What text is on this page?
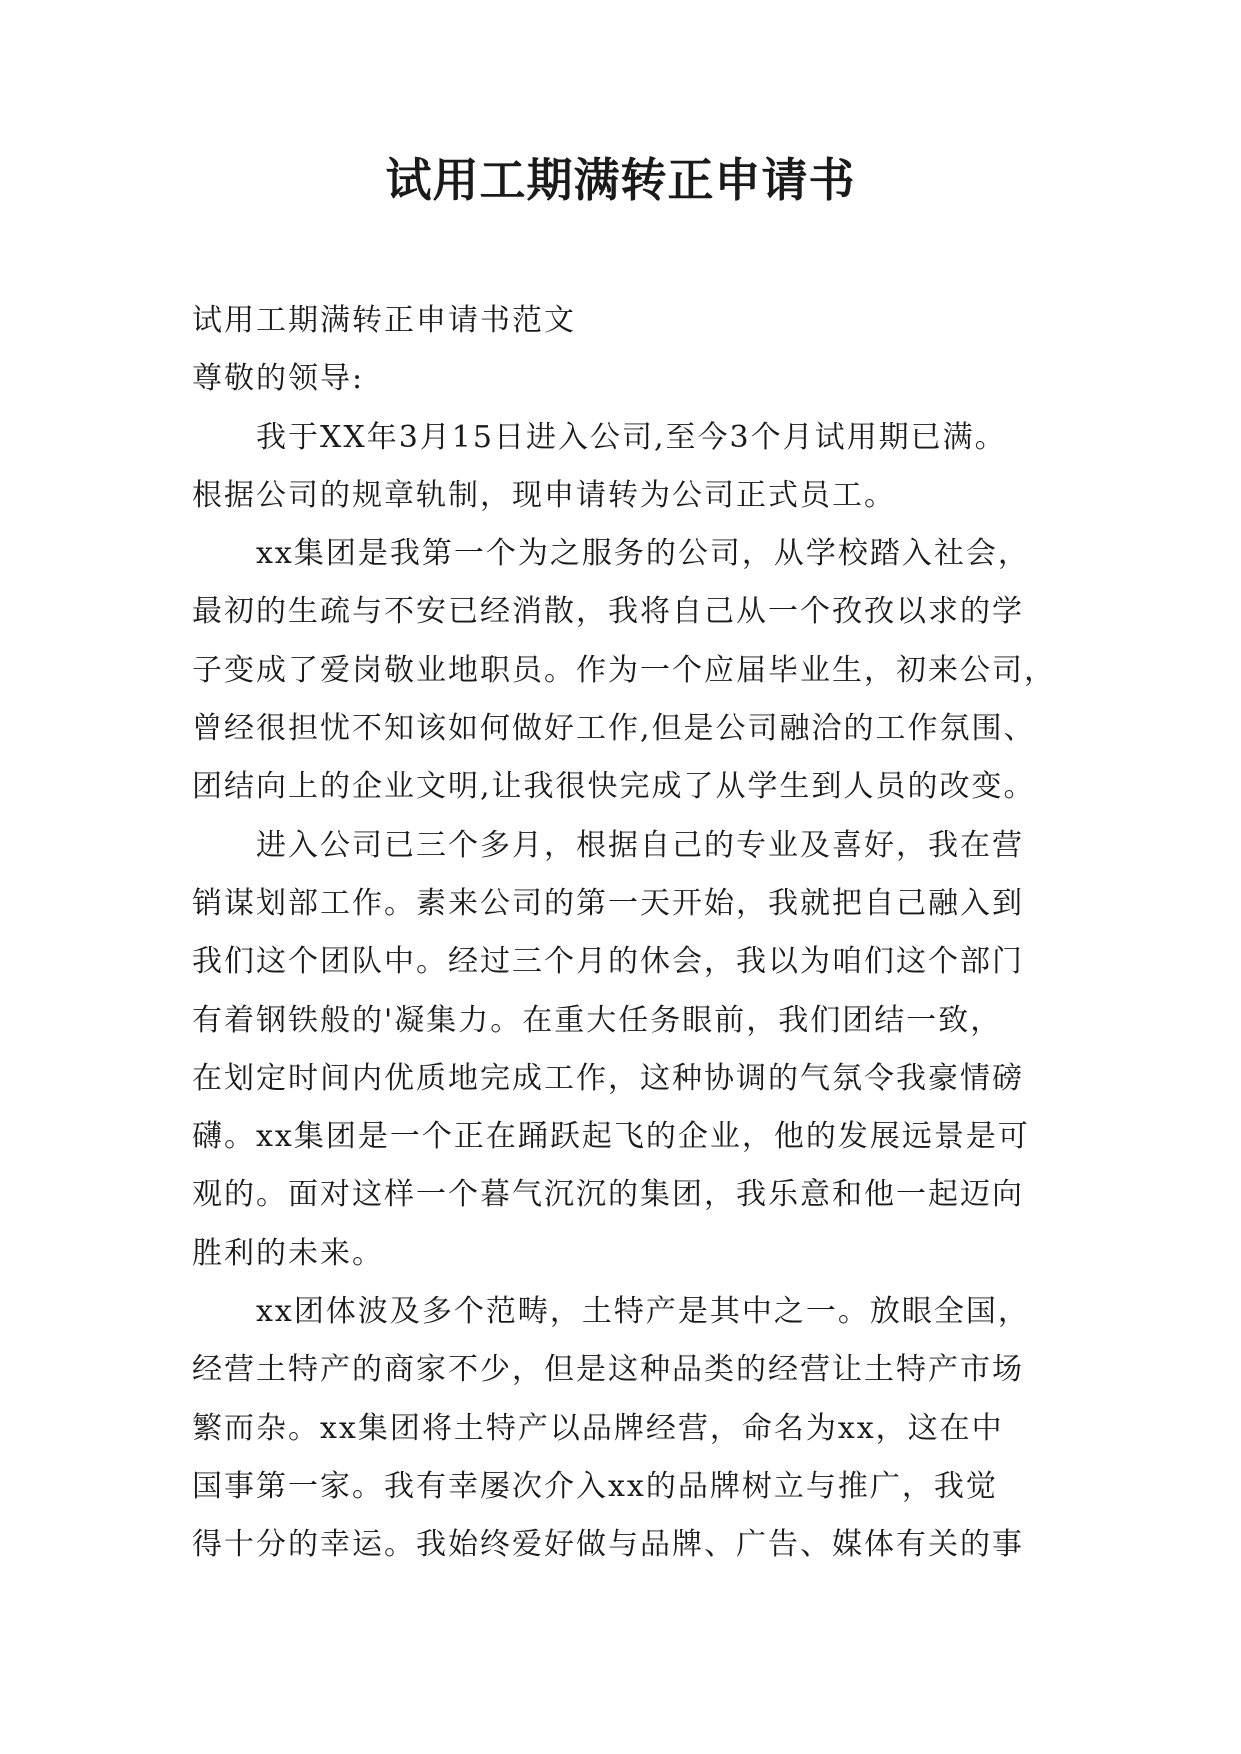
试用工期满转正申请书
试用工期满转正申请书范文
尊敬的领导:
我于XX年3月15日进入公司,至今3个月试用期已满。
根据公司的规章轨制，现申请转为公司正式员工。
xx集团是我第一个为之服务的公司，从学校踏入社会，
最初的生疏与不安已经消散，我将自己从一个孜孜以求的学
子变成了爱岗敬业地职员。作为一个应届毕业生，初来公司，
曾经很担忧不知该如何做好工作,但是公司融洽的工作氛围、
团结向上的企业文明,让我很快完成了从学生到人员的改变。
进入公司已三个多月，根据自己的专业及喜好，我在营
销谋划部工作。素来公司的第一天开始，我就把自己融入到
我们这个团队中。经过三个月的休会，我以为咱们这个部门
有着钢铁般的'凝集力。在重大任务眼前，我们团结一致，
在划定时间内优质地完成工作，这种协调的气氛令我豪情磅
礴。xx集团是一个正在踊跃起飞的企业，他的发展远景是可
观的。面对这样一个暮气沉沉的集团，我乐意和他一起迈向
胜利的未来。
xx团体波及多个范畴，土特产是其中之一。放眼全国，
经营土特产的商家不少，但是这种品类的经营让土特产市场
繁而杂。xx集团将土特产以品牌经营，命名为xx，这在中
国事第一家。我有幸屡次介入xx的品牌树立与推广，我觉
得十分的幸运。我始终爱好做与品牌、广告、媒体有关的事
